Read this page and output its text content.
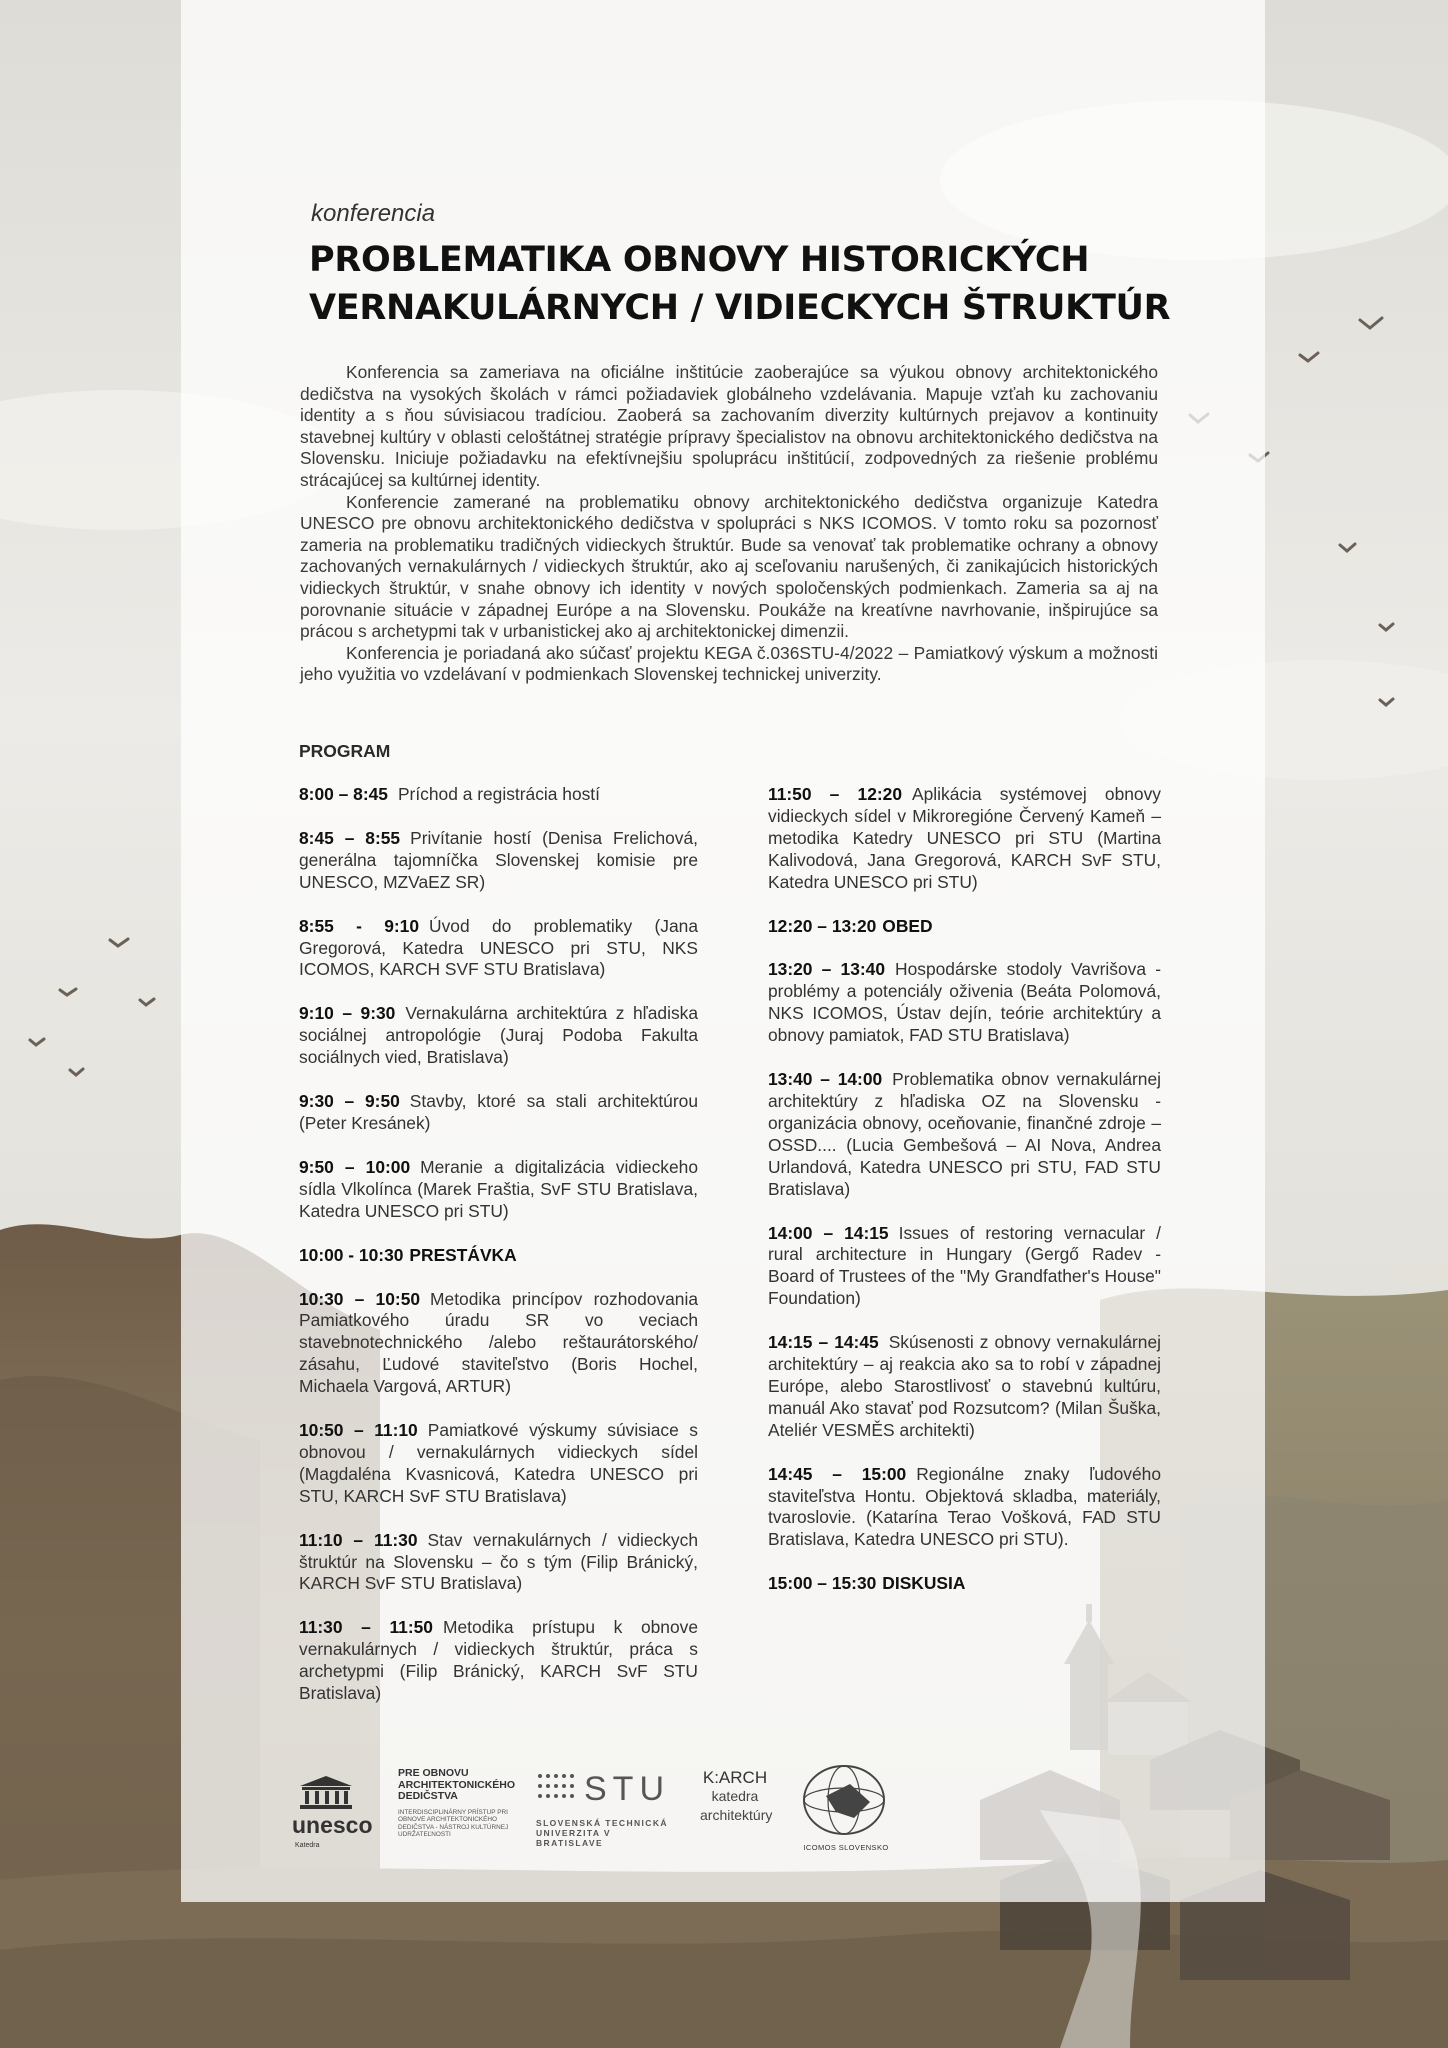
konferencia

PROBLEMATIKA OBNOVY HISTORICKÝCH
VERNAKULÁRNYCH / VIDIECKYCH ŠTRUKTÚR

Konferencia sa zameriava na oficiálne inštitúcie zaoberajúce sa výukou obnovy architektonického dedičstva na vysokých školách v rámci požiadaviek globálneho vzdelávania. Mapuje vzťah ku zachovaniu identity a s ňou súvisiacou tradíciou. Zaoberá sa zachovaním diverzity kultúrnych prejavov a kontinuity stavebnej kultúry v oblasti celoštátnej stratégie prípravy špecialistov na obnovu architektonického dedičstva na Slovensku. Iniciuje požiadavku na efektívnejšiu spoluprácu inštitúcií, zodpovedných za riešenie problému strácajúcej sa kultúrnej identity.

Konferencie zamerané na problematiku obnovy architektonického dedičstva organizuje Katedra UNESCO pre obnovu architektonického dedičstva v spolupráci s NKS ICOMOS. V tomto roku sa pozornosť zameria na problematiku tradičných vidieckych štruktúr. Bude sa venovať tak problematike ochrany a obnovy zachovaných vernakulárnych / vidieckych štruktúr, ako aj sceľovaniu narušených, či zanikajúcich historických vidieckych štruktúr, v snahe obnovy ich identity v nových spoločenských podmienkach. Zameria sa aj na porovnanie situácie v západnej Európe a na Slovensku. Poukáže na kreatívne navrhovanie, inšpirujúce sa prácou s archetypmi tak v urbanistickej ako aj architektonickej dimenzii.

Konferencia je poriadaná ako súčasť projektu KEGA č.036STU-4/2022 – Pamiatkový výskum a možnosti jeho využitia vo vzdelávaní v podmienkach Slovenskej technickej univerzity.

PROGRAM
8:00 – 8:45 Príchod a registrácia hostí
8:45 – 8:55 Privítanie hostí (Denisa Frelichová, generálna tajomníčka Slovenskej komisie pre UNESCO, MZVaEZ SR)
8:55 - 9:10 Úvod do problematiky (Jana Gregorová, Katedra UNESCO pri STU, NKS ICOMOS, KARCH SVF STU Bratislava)
9:10 – 9:30 Vernakulárna architektúra z hľadiska sociálnej antropológie (Juraj Podoba Fakulta sociálnych vied, Bratislava)
9:30 – 9:50 Stavby, ktoré sa stali architektúrou (Peter Kresánek)
9:50 – 10:00 Meranie a digitalizácia vidieckeho sídla Vlkolínca (Marek Fraštia, SvF STU Bratislava, Katedra UNESCO pri STU)
10:00 - 10:30 PRESTÁVKA
10:30 – 10:50 Metodika princípov rozhodovania Pamiatkového úradu SR vo veciach stavebnotechnického /alebo reštaurátorského/ zásahu, Ľudové staviteľstvo (Boris Hochel, Michaela Vargová, ARTUR)
10:50 – 11:10 Pamiatkové výskumy súvisiace s obnovou / vernakulárnych vidieckych sídel (Magdaléna Kvasnicová, Katedra UNESCO pri STU, KARCH SvF STU Bratislava)
11:10 – 11:30 Stav vernakulárnych / vidieckych štruktúr na Slovensku – čo s tým (Filip Bránický, KARCH SvF STU Bratislava)
11:30 – 11:50 Metodika prístupu k obnove vernakulárnych / vidieckych štruktúr, práca s archetypmi (Filip Bránický, KARCH SvF STU Bratislava)
11:50 – 12:20 Aplikácia systémovej obnovy vidieckych sídel v Mikroregióne Červený Kameň – metodika Katedry UNESCO pri STU (Martina Kalivodová, Jana Gregorová, KARCH SvF STU, Katedra UNESCO pri STU)
12:20 – 13:20 OBED
13:20 – 13:40 Hospodárske stodoly Vavrišova - problémy a potenciály oživenia (Beáta Polomová, NKS ICOMOS, Ústav dejín, teórie architektúry a obnovy pamiatok, FAD STU Bratislava)
13:40 – 14:00 Problematika obnov vernakulárnej architektúry z hľadiska OZ na Slovensku - organizácia obnovy, oceňovanie, finančné zdroje – OSSD.... (Lucia Gembešová – AI Nova, Andrea Urlandová, Katedra UNESCO pri STU, FAD STU Bratislava)
14:00 – 14:15 Issues of restoring vernacular / rural architecture in Hungary (Gergő Radev - Board of Trustees of the "My Grandfather's House" Foundation)
14:15 – 14:45 Skúsenosti z obnovy vernakulárnej architektúry – aj reakcia ako sa to robí v západnej Európe, alebo Starostlivosť o stavebnú kultúru, manuál Ako stavať pod Rozsutcom? (Milan Šuška, Ateliér VESMĚS architekti)
14:45 – 15:00 Regionálne znaky ľudového staviteľstva Hontu. Objektová skladba, materiály, tvaroslovie. (Katarína Terao Vošková, FAD STU Bratislava, Katedra UNESCO pri STU).
15:00 – 15:30 DISKUSIA
unesco
Katedra

PRE OBNOVU ARCHITEKTONICKÉHO DEDIČSTVA

INTERDISCIPLINÁRNY PRÍSTUP PRI OBNOVE ARCHITEKTONICKÉHO DEDIČSTVA - NÁSTROJ KULTÚRNEJ UDRŽATEĽNOSTI
STU
SLOVENSKÁ TECHNICKÁ UNIVERZITA V BRATISLAVE
K:ARCH
katedra
architektúry
ICOMOS SLOVENSKO
